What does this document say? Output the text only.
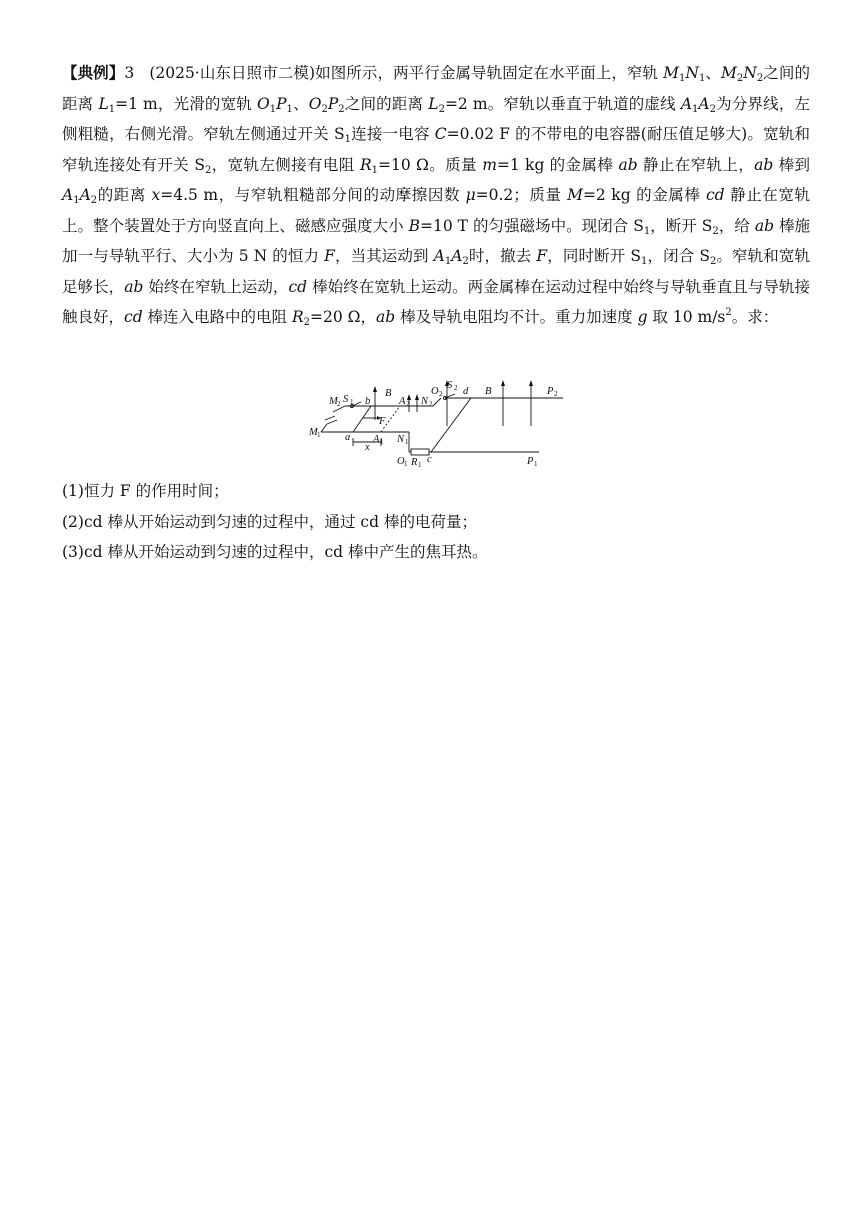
【典例】3 (2025·山东日照市二模)如图所示，两平行金属导轨固定在水平面上，窄轨 $M_1N_1$、$M_2N_2$之间的距离 $L_1=1$ m，光滑的宽轨 $O_1P_1$、$O_2P_2$之间的距离 $L_2=2$ m。窄轨以垂直于轨道的虚线 $A_1A_2$为分界线，左侧粗糙，右侧光滑。窄轨左侧通过开关 $S_1$连接一电容 C=0.02 F 的不带电的电容器(耐压值足够大)。宽轨和窄轨连接处有开关 $S_2$，宽轨左侧接有电阻 $R_1=10$ Ω。质量 m=1 kg 的金属棒 ab 静止在窄轨上，ab 棒到 $A_1A_2$的距离 x=4.5 m，与窄轨粗糙部分间的动摩擦因数 μ=0.2；质量 M=2 kg 的金属棒 cd 静止在宽轨上。整个装置处于方向竖直向上、磁感应强度大小 B=10 T 的匀强磁场中。现闭合 $S_1$，断开 $S_2$，给 ab 棒施加一与导轨平行、大小为 5 N 的恒力 F，当其运动到 $A_1A_2$时，撤去 F，同时断开 $S_1$，闭合 $S_2$。窄轨和宽轨足够长，ab 始终在窄轨上运动，cd 棒始终在宽轨上运动。两金属棒在运动过程中始终与导轨垂直且与导轨接触良好，cd 棒连入电路中的电阻 $R_2=20$ Ω，ab 棒及导轨电阻均不计。重力加速度 g 取 10 $m/s^2$。求：
M 2 S 1 b
B
A 2 N 2
O 2
S 2 d B	P 2
M 1 a
F
A 1 N 1
x
O 1 R 1 c	P 1
(1)恒力 F 的作用时间；
(2)cd 棒从开始运动到匀速的过程中，通过 cd 棒的电荷量；
(3)cd 棒从开始运动到匀速的过程中，cd 棒中产生的焦耳热。
